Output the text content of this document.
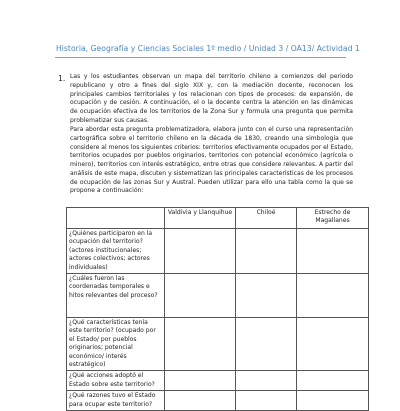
Historia, Geografía y Ciencias Sociales 1º medio / Unidad 3 / OA13/ Actividad 1
1. Las y los estudiantes observan un mapa del territorio chileno a comienzos del periodo republicano y otro a fines del siglo XIX y, con la mediación docente, reconocen los principales cambios territoriales y los relacionan con tipos de procesos: de expansión, de ocupación y de cesión. A continuación, el o la docente centra la atención en las dinámicas de ocupación efectiva de los territorios de la Zona Sur y formula una pregunta que permita problematizar sus causas.

Para abordar esta pregunta problematizadora, elabora junto con el curso una representación cartográfica sobre el territorio chileno en la década de 1830, creando una simbología que considere al menos los siguientes criterios: territorios efectivamente ocupados por el Estado, territorios ocupados por pueblos originarios, territorios con potencial económico (agrícola o minero), territorios con interés estratégico, entre otras que considere relevantes. A partir del análisis de este mapa, discuten y sistematizan las principales características de los procesos de ocupación de las zonas Sur y Austral. Pueden utilizar para ello una tabla como la que se propone a continuación:

	Valdivia y Llanquihue	Chiloé	Estrecho de Magallanes
¿Quiénes participaron en la ocupación del territorio? (actores institucionales; actores colectivos; actores individuales)			
¿Cuáles fueron las coordenadas temporales e hitos relevantes del proceso?			
¿Qué características tenía este territorio? (ocupado por el Estado/ por pueblos originarios; potencial económico/ interés estratégico)			
¿Qué acciones adoptó el Estado sobre este territorio?			
¿Qué razones tuvo el Estado para ocupar este territorio?			
